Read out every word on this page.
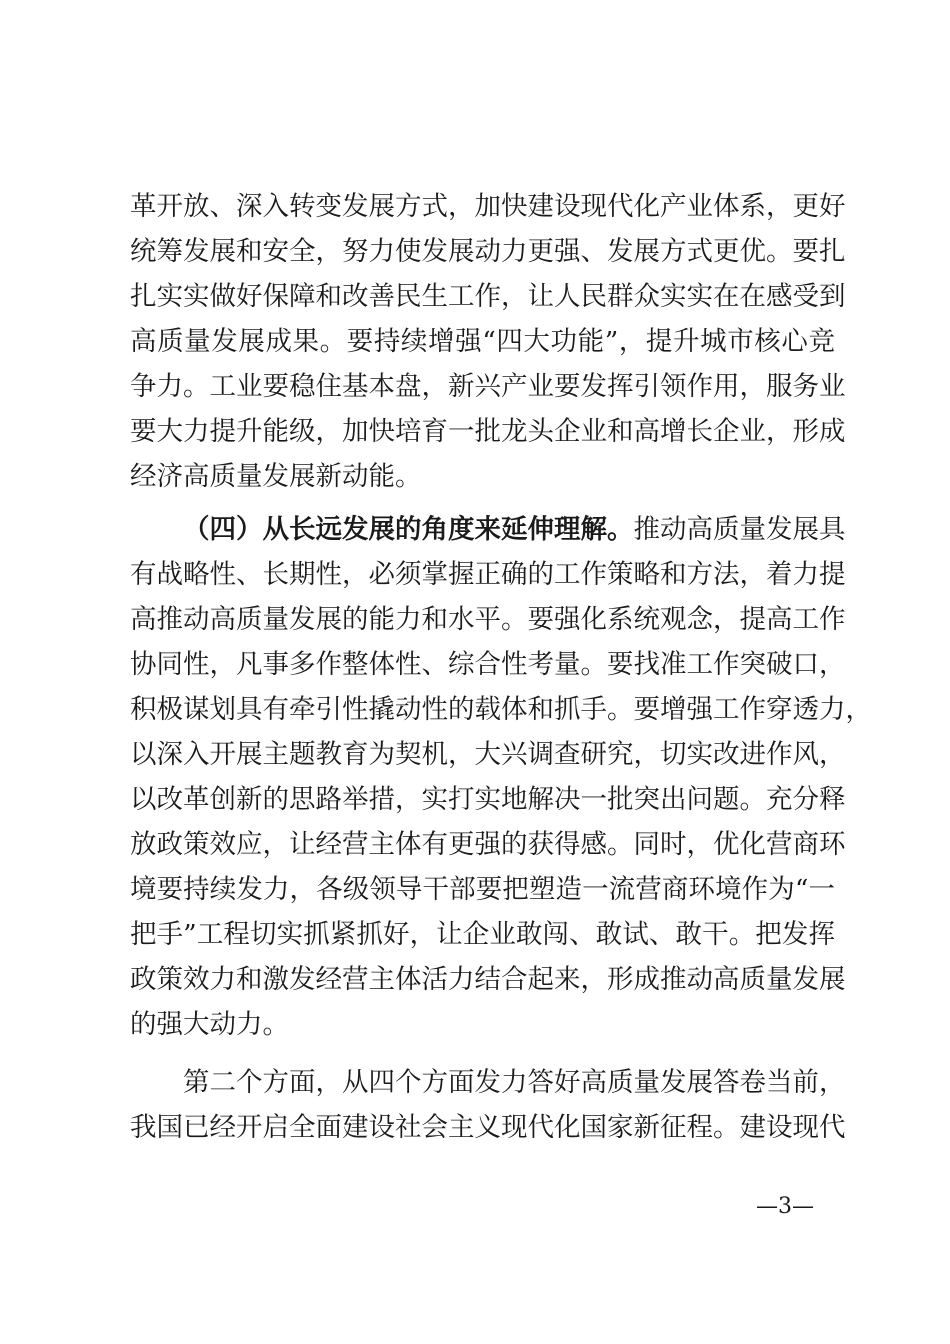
革开放、深入转变发展方式，加快建设现代化产业体系，更好
统筹发展和安全，努力使发展动力更强、发展方式更优。要扎
扎实实做好保障和改善民生工作，让人民群众实实在在感受到
高质量发展成果。要持续增强“四大功能”，提升城市核心竞
争力。工业要稳住基本盘，新兴产业要发挥引领作用，服务业
要大力提升能级，加快培育一批龙头企业和高增长企业，形成
经济高质量发展新动能。
（四）从长远发展的角度来延伸理解。推动高质量发展具
有战略性、长期性，必须掌握正确的工作策略和方法，着力提
高推动高质量发展的能力和水平。要强化系统观念，提高工作
协同性，凡事多作整体性、综合性考量。要找准工作突破口，
积极谋划具有牵引性撬动性的载体和抓手。要增强工作穿透力，
以深入开展主题教育为契机，大兴调查研究，切实改进作风，
以改革创新的思路举措，实打实地解决一批突出问题。充分释
放政策效应，让经营主体有更强的获得感。同时，优化营商环
境要持续发力，各级领导干部要把塑造一流营商环境作为“一
把手”工程切实抓紧抓好，让企业敢闯、敢试、敢干。把发挥
政策效力和激发经营主体活力结合起来，形成推动高质量发展
的强大动力。
第二个方面，从四个方面发力答好高质量发展答卷当前，
我国已经开启全面建设社会主义现代化国家新征程。建设现代
—3—
